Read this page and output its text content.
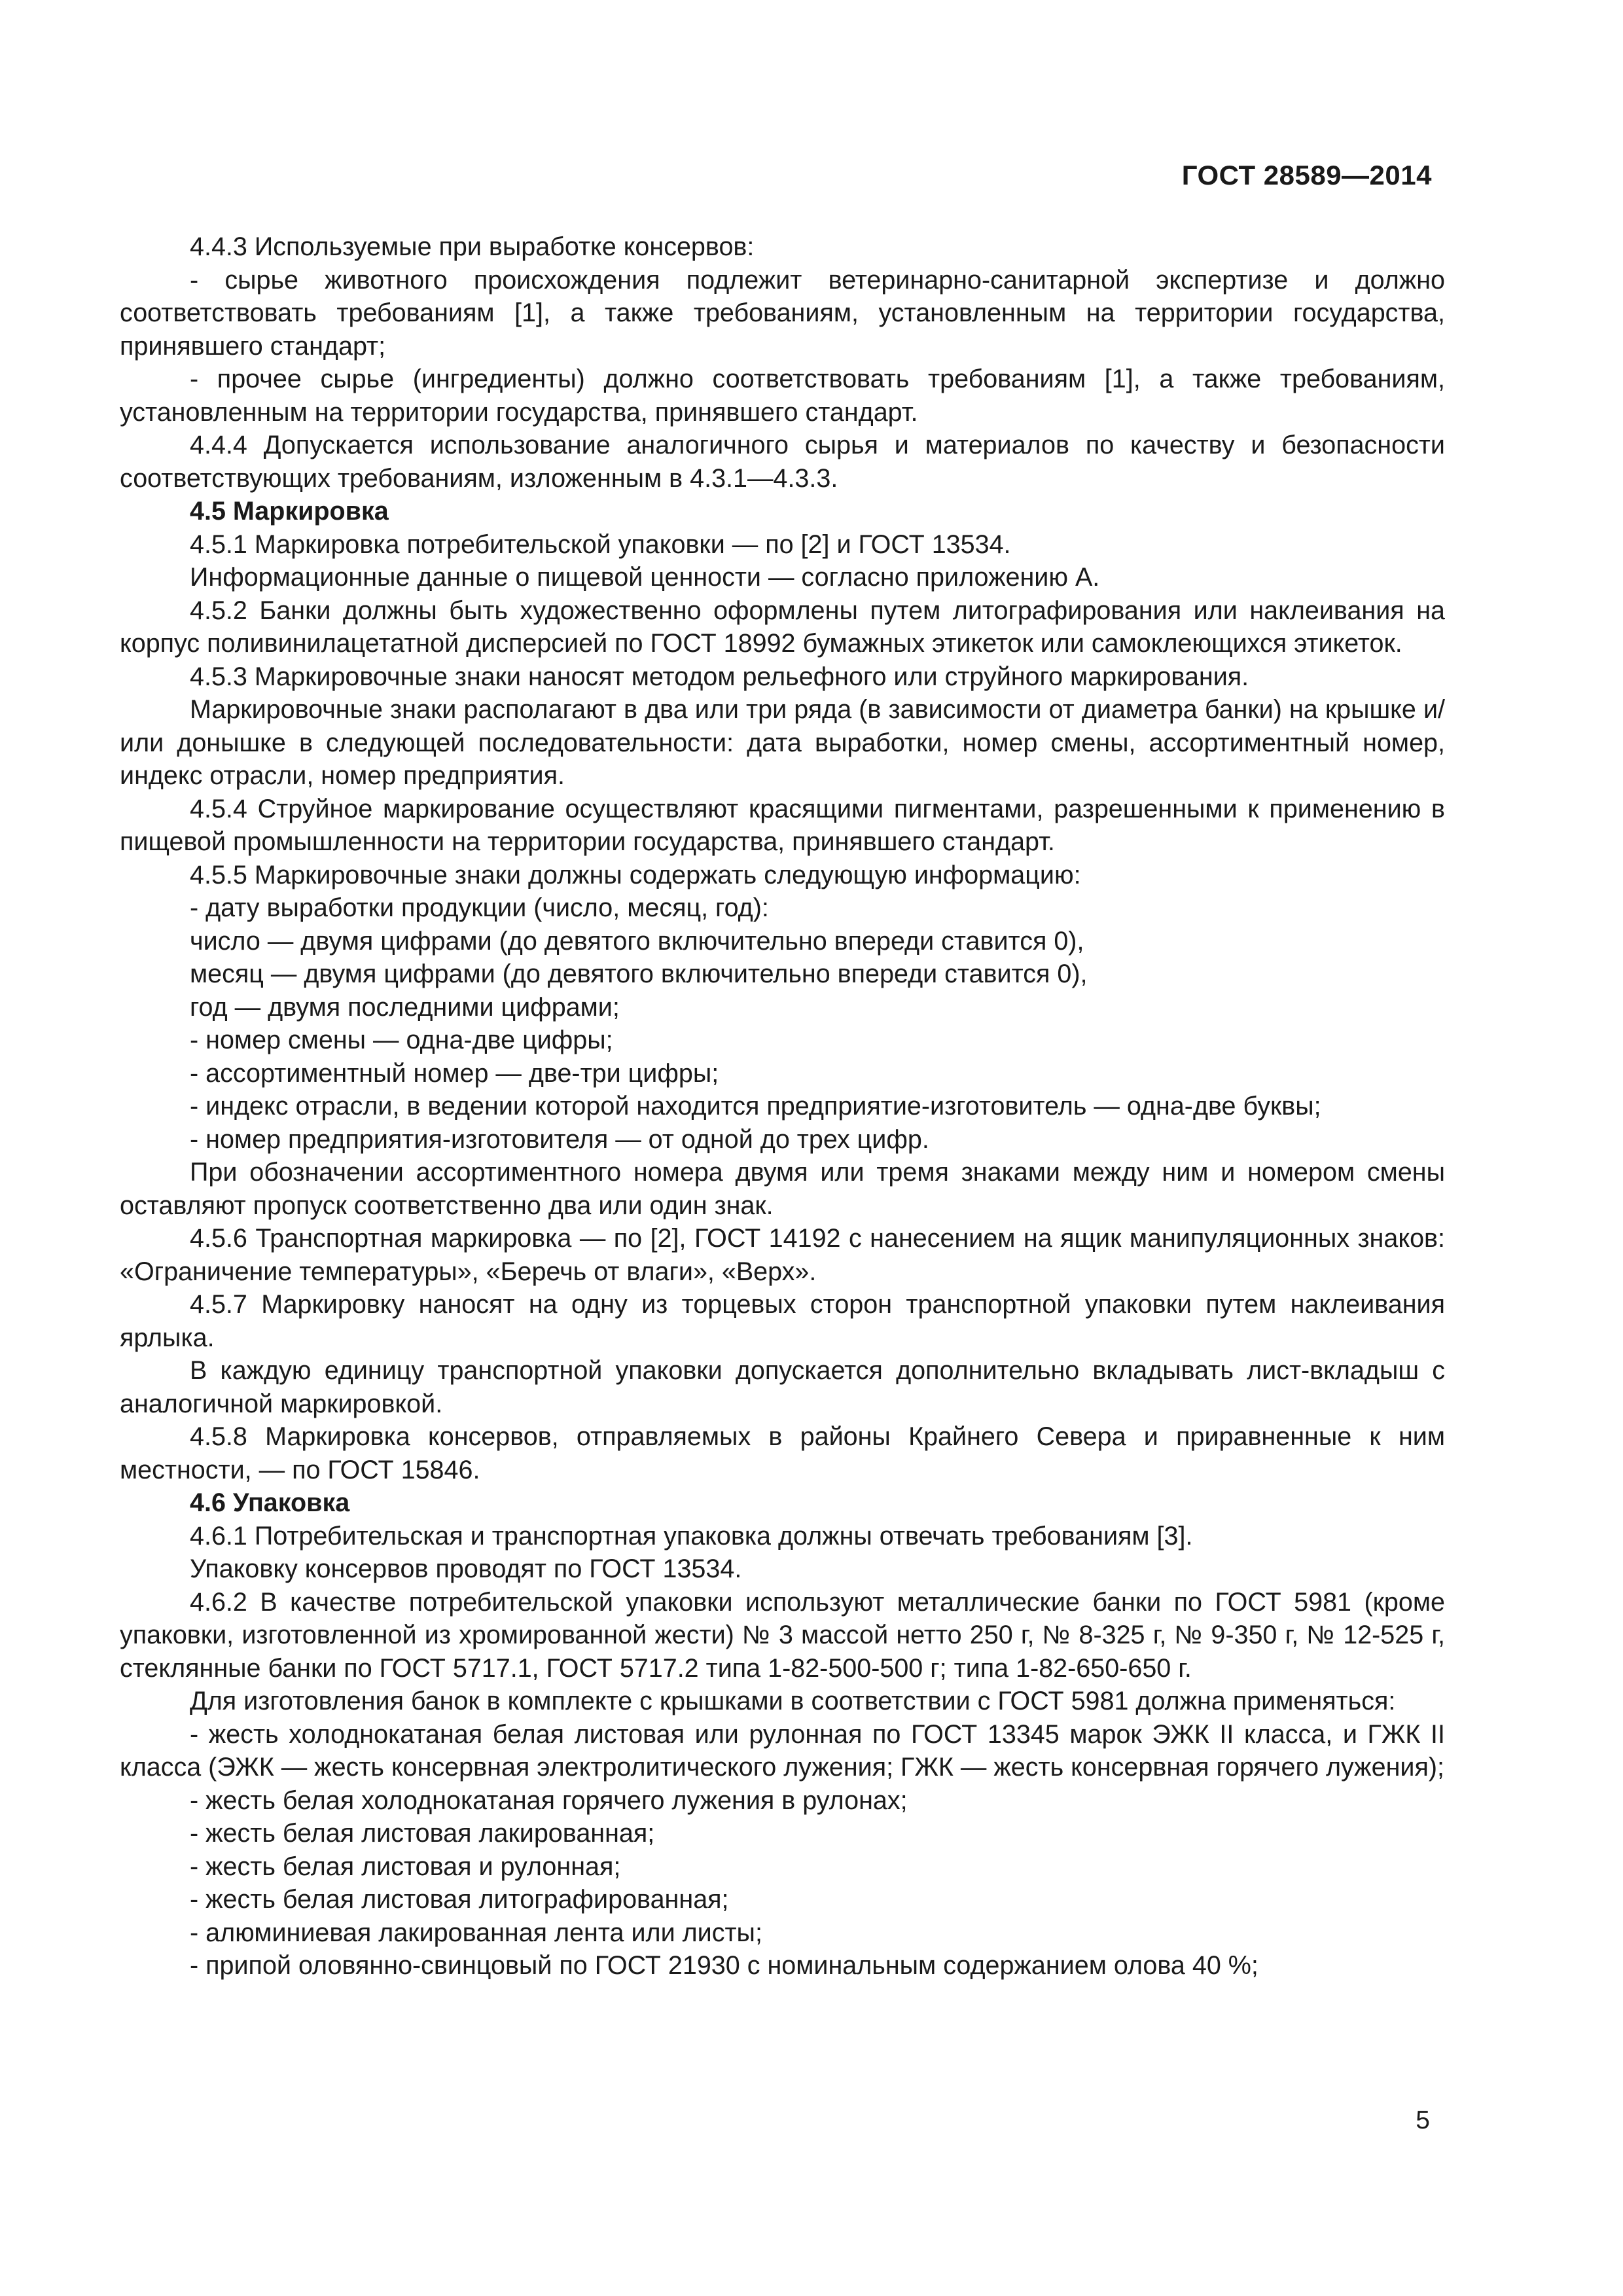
ГОСТ 28589—2014

4.4.3 Используемые при выработке консервов:

- сырье животного происхождения подлежит ветеринарно-санитарной экспертизе и должно соответствовать требованиям [1], а также требованиям, установленным на территории государства, принявшего стандарт;

- прочее сырье (ингредиенты) должно соответствовать требованиям [1], а также требованиям, установленным на территории государства, принявшего стандарт.

4.4.4 Допускается использование аналогичного сырья и материалов по качеству и безопасности соответствующих требованиям, изложенным в 4.3.1—4.3.3.

4.5 Маркировка

4.5.1 Маркировка потребительской упаковки — по [2] и ГОСТ 13534.

Информационные данные о пищевой ценности — согласно приложению А.

4.5.2 Банки должны быть художественно оформлены путем литографирования или наклеивания на корпус поливинилацетатной дисперсией по ГОСТ 18992 бумажных этикеток или самоклеющихся этикеток.

4.5.3 Маркировочные знаки наносят методом рельефного или струйного маркирования.

Маркировочные знаки располагают в два или три ряда (в зависимости от диаметра банки) на крышке и/или донышке в следующей последовательности: дата выработки, номер смены, ассортиментный номер, индекс отрасли, номер предприятия.

4.5.4 Струйное маркирование осуществляют красящими пигментами, разрешенными к применению в пищевой промышленности на территории государства, принявшего стандарт.

4.5.5 Маркировочные знаки должны содержать следующую информацию:

- дату выработки продукции (число, месяц, год):

число — двумя цифрами (до девятого включительно впереди ставится 0),

месяц — двумя цифрами (до девятого включительно впереди ставится 0),

год — двумя последними цифрами;

- номер смены — одна-две цифры;

- ассортиментный номер — две-три цифры;

- индекс отрасли, в ведении которой находится предприятие-изготовитель — одна-две буквы;

- номер предприятия-изготовителя — от одной до трех цифр.

При обозначении ассортиментного номера двумя или тремя знаками между ним и номером смены оставляют пропуск соответственно два или один знак.

4.5.6 Транспортная маркировка — по [2], ГОСТ 14192 с нанесением на ящик манипуляционных знаков: «Ограничение температуры», «Беречь от влаги», «Верх».

4.5.7 Маркировку наносят на одну из торцевых сторон транспортной упаковки путем наклеивания ярлыка.

В каждую единицу транспортной упаковки допускается дополнительно вкладывать лист-вкладыш с аналогичной маркировкой.

4.5.8 Маркировка консервов, отправляемых в районы Крайнего Севера и приравненные к ним местности, — по ГОСТ 15846.

4.6 Упаковка

4.6.1 Потребительская и транспортная упаковка должны отвечать требованиям [3].

Упаковку консервов проводят по ГОСТ 13534.

4.6.2 В качестве потребительской упаковки используют металлические банки по ГОСТ 5981 (кроме упаковки, изготовленной из хромированной жести) № 3 массой нетто 250 г, № 8-325 г, № 9-350 г, № 12-525 г, стеклянные банки по ГОСТ 5717.1, ГОСТ 5717.2 типа 1-82-500-500 г; типа 1-82-650-650 г.

Для изготовления банок в комплекте с крышками в соответствии с ГОСТ 5981 должна применяться:

- жесть холоднокатаная белая листовая или рулонная по ГОСТ 13345 марок ЭЖК II класса, и ГЖК II класса (ЭЖК — жесть консервная электролитического лужения; ГЖК — жесть консервная горячего лужения);

- жесть белая холоднокатаная горячего лужения в рулонах;

- жесть белая листовая лакированная;

- жесть белая листовая и рулонная;

- жесть белая листовая литографированная;

- алюминиевая лакированная лента или листы;

- припой оловянно-свинцовый по ГОСТ 21930 с номинальным содержанием олова 40 %;

5
